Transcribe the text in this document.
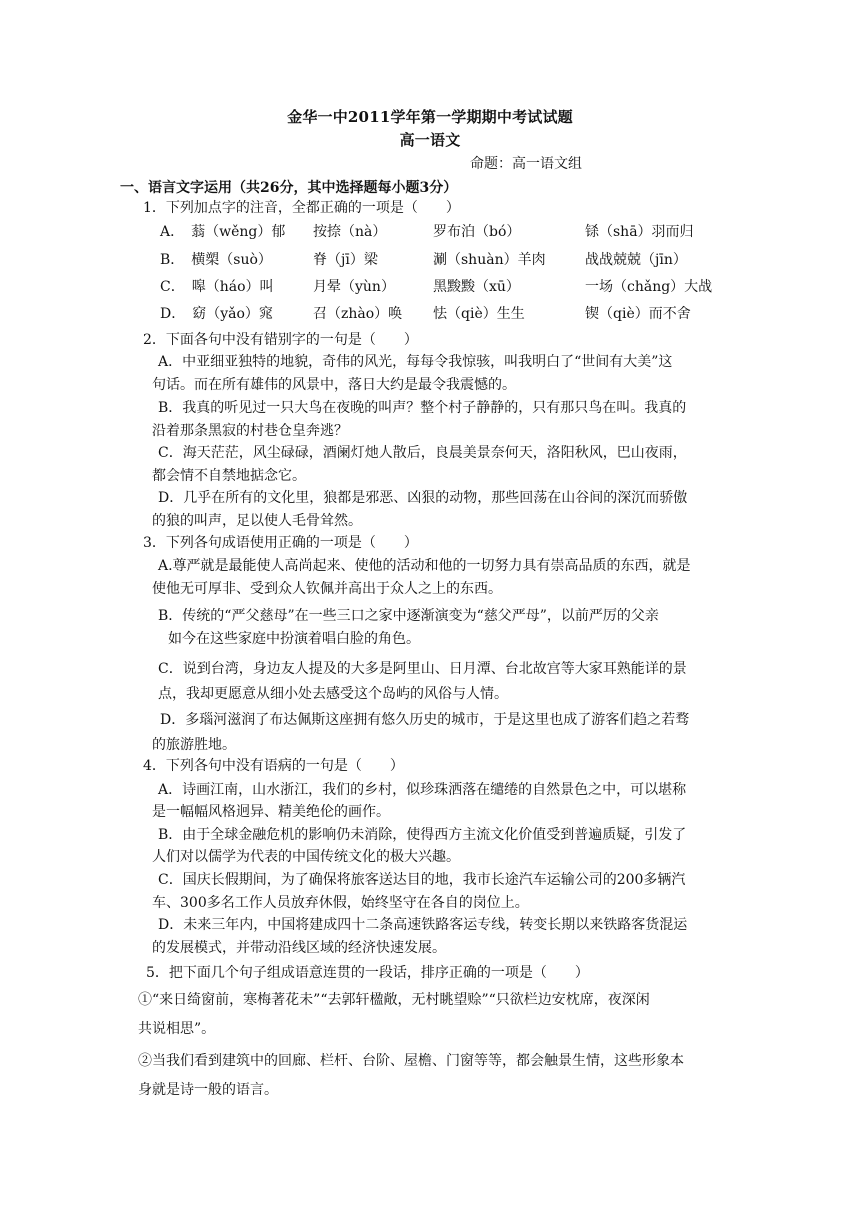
金华一中2011学年第一学期期中考试试题
高一语文
命题：高一语文组
一、语言文字运用（共26分，其中选择题每小题3分）
1．下列加点字的注音，全都正确的一项是（　　）
A．　蓊（wěng）郁 按捺（nà）	罗布泊（bó）	铩（shā）羽而归
B．　横槊（suò）	脊（jī）梁	涮（shuàn）羊肉	战战兢兢（jīn）
C．　嗥（háo）叫	月晕（yùn）	黑黢黢（xū）	一场（chǎng）大战
D．　窈（yǎo）窕	召（zhào）唤 怯（qiè）生生	锲（qiè）而不舍
2．下面各句中没有错别字的一句是（　　）
A．中亚细亚独特的地貌，奇伟的风光，每每令我惊骇，叫我明白了“世间有大美”这
句话。而在所有雄伟的风景中，落日大约是最令我震憾的。
B．我真的听见过一只大鸟在夜晚的叫声？整个村子静静的，只有那只鸟在叫。我真的
沿着那条黑寂的村巷仓皇奔逃？
C．海天茫茫，风尘碌碌，酒阑灯灺人散后，良晨美景奈何天，洛阳秋风，巴山夜雨，
都会情不自禁地掂念它。
D．几乎在所有的文化里，狼都是邪恶、凶狠的动物，那些回荡在山谷间的深沉而骄傲
的狼的叫声，足以使人毛骨耸然。
3．下列各句成语使用正确的一项是（　　）
A.尊严就是最能使人高尚起来、使他的活动和他的一切努力具有崇高品质的东西，就是
使他无可厚非、受到众人钦佩并高出于众人之上的东西。
B．传统的“严父慈母”在一些三口之家中逐渐演变为“慈父严母”，以前严厉的父亲
如今在这些家庭中扮演着唱白脸的角色。
C．说到台湾，身边友人提及的大多是阿里山、日月潭、台北故宫等大家耳熟能详的景
点，我却更愿意从细小处去感受这个岛屿的风俗与人情。
D．多瑙河滋润了布达佩斯这座拥有悠久历史的城市，于是这里也成了游客们趋之若骛
的旅游胜地。
4．下列各句中没有语病的一句是（　　）
A．诗画江南，山水浙江，我们的乡村，似珍珠洒落在缱绻的自然景色之中，可以堪称
是一幅幅风格迥异、精美绝伦的画作。
B．由于全球金融危机的影响仍未消除，使得西方主流文化价值受到普遍质疑，引发了
人们对以儒学为代表的中国传统文化的极大兴趣。
C．国庆长假期间，为了确保将旅客送达目的地，我市长途汽车运输公司的200多辆汽
车、300多名工作人员放弃休假，始终坚守在各自的岗位上。
D．未来三年内，中国将建成四十二条高速铁路客运专线，转变长期以来铁路客货混运
的发展模式，并带动沿线区域的经济快速发展。
5．把下面几个句子组成语意连贯的一段话，排序正确的一项是（　　）
①“来日绮窗前，寒梅著花未”“去郭轩楹敞，无村眺望赊”“只欲栏边安枕席，夜深闲
共说相思”。
②当我们看到建筑中的回廊、栏杆、台阶、屋檐、门窗等等，都会触景生情，这些形象本
身就是诗一般的语言。
